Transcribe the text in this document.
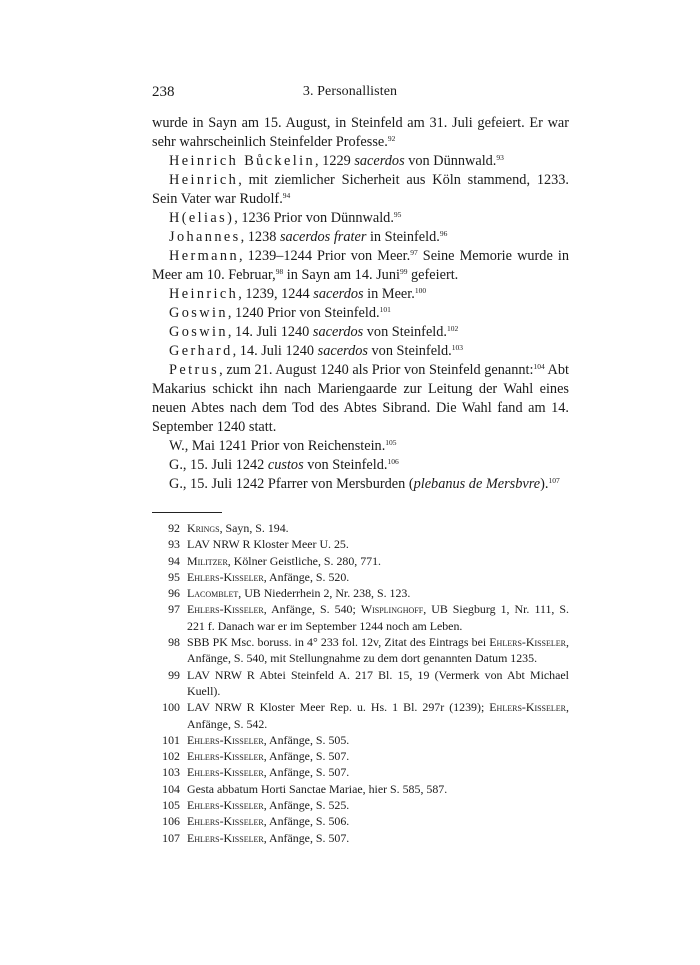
238	3. Personallisten

wurde in Sayn am 15. August, in Steinfeld am 31. Juli gefeiert. Er war sehr wahrscheinlich Steinfelder Professe.$^{92}$

Heinrich Bůckelin, 1229 sacerdos von Dünnwald.$^{93}$

Heinrich, mit ziemlicher Sicherheit aus Köln stammend, 1233. Sein Vater war Rudolf.$^{94}$

H(elias), 1236 Prior von Dünnwald.$^{95}$

Johannes, 1238 sacerdos frater in Steinfeld.$^{96}$

Hermann, 1239–1244 Prior von Meer.$^{97}$ Seine Memorie wurde in Meer am 10. Februar,$^{98}$ in Sayn am 14. Juni$^{99}$ gefeiert.

Heinrich, 1239, 1244 sacerdos in Meer.$^{100}$

Goswin, 1240 Prior von Steinfeld.$^{101}$

Goswin, 14. Juli 1240 sacerdos von Steinfeld.$^{102}$

Gerhard, 14. Juli 1240 sacerdos von Steinfeld.$^{103}$

Petrus, zum 21. August 1240 als Prior von Steinfeld genannt:$^{104}$ Abt Makarius schickt ihn nach Mariengaarde zur Leitung der Wahl eines neuen Abtes nach dem Tod des Abtes Sibrand. Die Wahl fand am 14. September 1240 statt.

W., Mai 1241 Prior von Reichenstein.$^{105}$

G., 15. Juli 1242 custos von Steinfeld.$^{106}$

G., 15. Juli 1242 Pfarrer von Mersburden (plebanus de Mersbvre).$^{107}$

92 Krings, Sayn, S. 194.
93 LAV NRW R Kloster Meer U. 25.
94 Militzer, Kölner Geistliche, S. 280, 771.
95 Ehlers-Kisseler, Anfänge, S. 520.
96 Lacomblet, UB Niederrhein 2, Nr. 238, S. 123.
97 Ehlers-Kisseler, Anfänge, S. 540; Wisplinghoff, UB Siegburg 1, Nr. 111, S. 221 f. Danach war er im September 1244 noch am Leben.
98 SBB PK Msc. boruss. in 4° 233 fol. 12v, Zitat des Eintrags bei Ehlers-Kisseler, Anfänge, S. 540, mit Stellungnahme zu dem dort genannten Datum 1235.
99 LAV NRW R Abtei Steinfeld A. 217 Bl. 15, 19 (Vermerk von Abt Michael Kuell).
100 LAV NRW R Kloster Meer Rep. u. Hs. 1 Bl. 297r (1239); Ehlers-Kisseler, Anfänge, S. 542.
101 Ehlers-Kisseler, Anfänge, S. 505.
102 Ehlers-Kisseler, Anfänge, S. 507.
103 Ehlers-Kisseler, Anfänge, S. 507.
104 Gesta abbatum Horti Sanctae Mariae, hier S. 585, 587.
105 Ehlers-Kisseler, Anfänge, S. 525.
106 Ehlers-Kisseler, Anfänge, S. 506.
107 Ehlers-Kisseler, Anfänge, S. 507.
